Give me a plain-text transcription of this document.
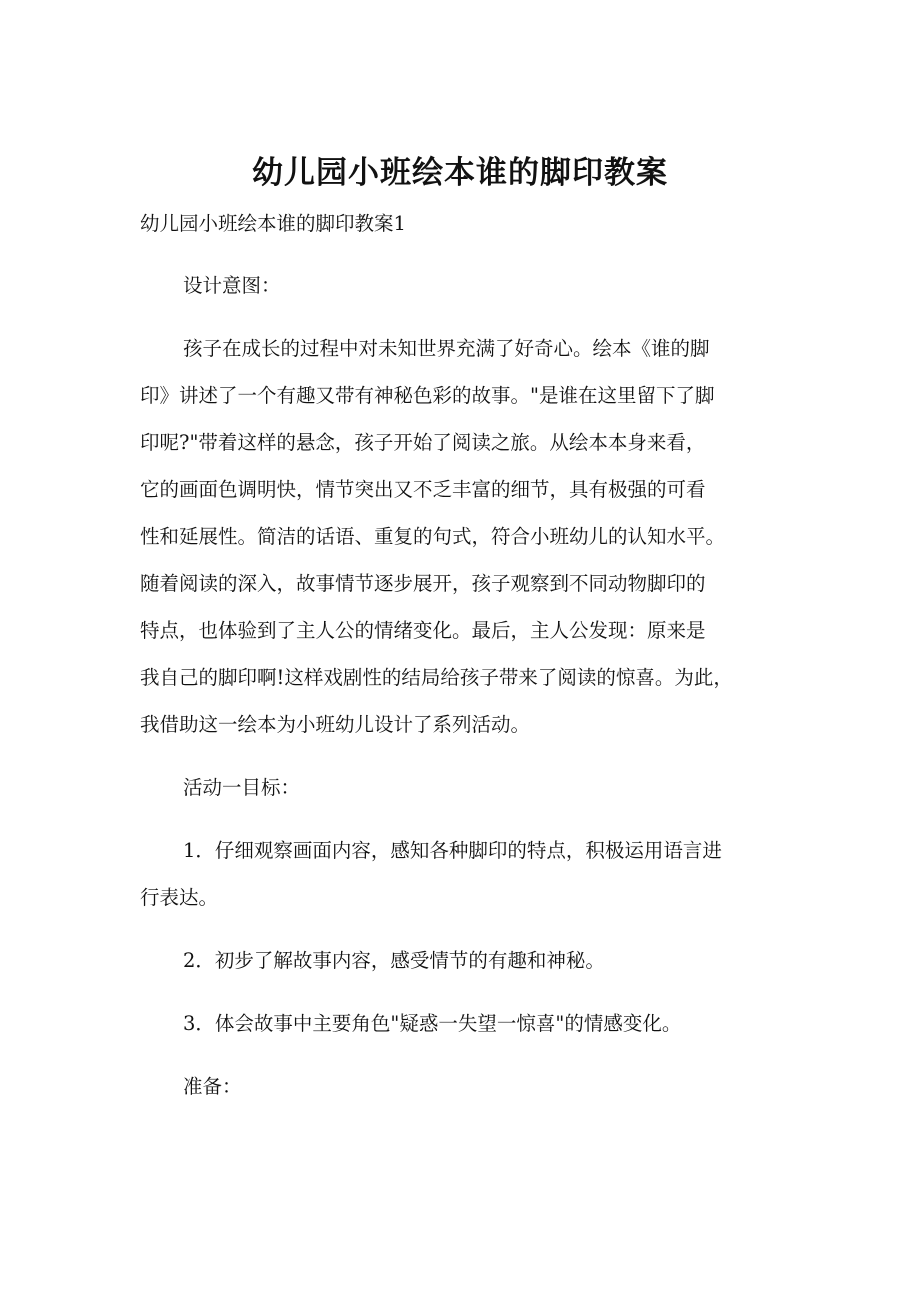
幼儿园小班绘本谁的脚印教案

幼儿园小班绘本谁的脚印教案1

设计意图：

孩子在成长的过程中对未知世界充满了好奇心。绘本《谁的脚

印》讲述了一个有趣又带有神秘色彩的故事。"是谁在这里留下了脚

印呢?"带着这样的悬念，孩子开始了阅读之旅。从绘本本身来看，

它的画面色调明快，情节突出又不乏丰富的细节，具有极强的可看

性和延展性。简洁的话语、重复的句式，符合小班幼儿的认知水平。

随着阅读的深入，故事情节逐步展开，孩子观察到不同动物脚印的

特点，也体验到了主人公的情绪变化。最后，主人公发现：原来是

我自己的脚印啊!这样戏剧性的结局给孩子带来了阅读的惊喜。为此，

我借助这一绘本为小班幼儿设计了系列活动。

活动一目标：

1．仔细观察画面内容，感知各种脚印的特点，积极运用语言进

行表达。

2．初步了解故事内容，感受情节的有趣和神秘。

3．体会故事中主要角色"疑惑一失望一惊喜"的情感变化。

准备：
